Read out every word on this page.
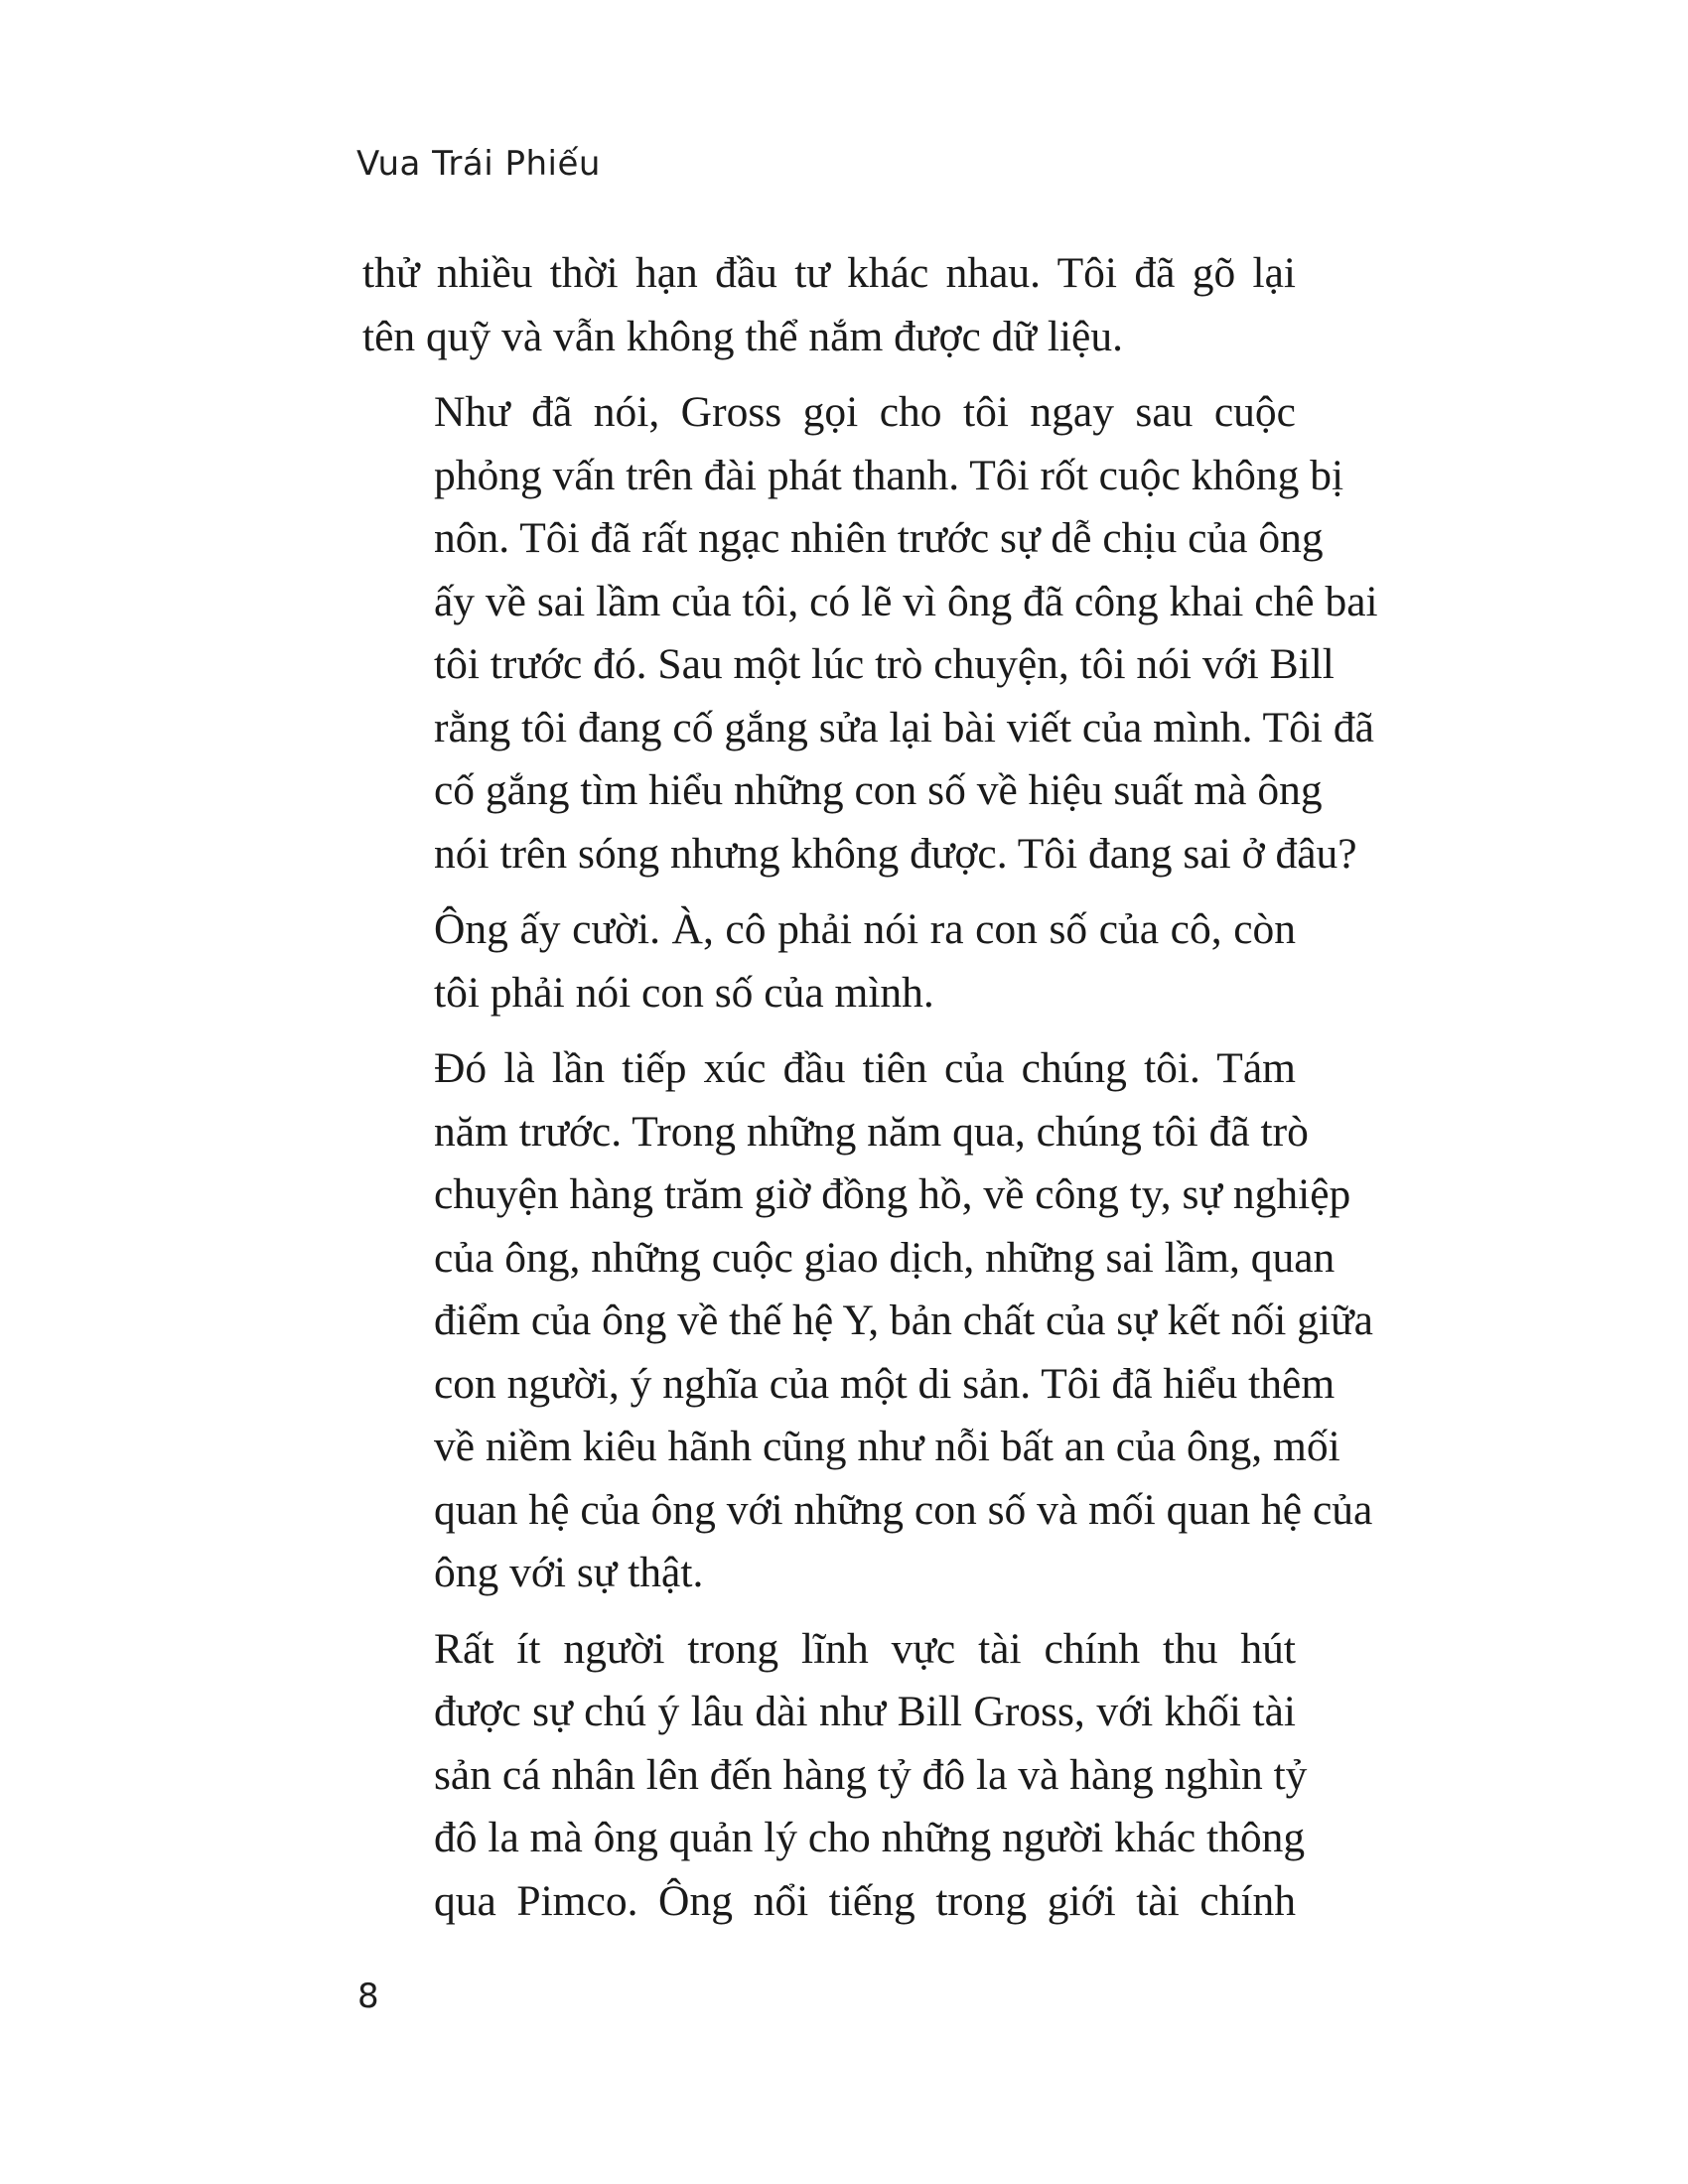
Vua Trái Phiếu

thử nhiều thời hạn đầu tư khác nhau. Tôi đã gõ lại
tên quỹ và vẫn không thể nắm được dữ liệu.

Như đã nói, Gross gọi cho tôi ngay sau cuộc
phỏng vấn trên đài phát thanh. Tôi rốt cuộc không bị
nôn. Tôi đã rất ngạc nhiên trước sự dễ chịu của ông
ấy về sai lầm của tôi, có lẽ vì ông đã công khai chê bai
tôi trước đó. Sau một lúc trò chuyện, tôi nói với Bill
rằng tôi đang cố gắng sửa lại bài viết của mình. Tôi đã
cố gắng tìm hiểu những con số về hiệu suất mà ông
nói trên sóng nhưng không được. Tôi đang sai ở đâu?

Ông ấy cười. À, cô phải nói ra con số của cô, còn
tôi phải nói con số của mình.

Đó là lần tiếp xúc đầu tiên của chúng tôi. Tám
năm trước. Trong những năm qua, chúng tôi đã trò
chuyện hàng trăm giờ đồng hồ, về công ty, sự nghiệp
của ông, những cuộc giao dịch, những sai lầm, quan
điểm của ông về thế hệ Y, bản chất của sự kết nối giữa
con người, ý nghĩa của một di sản. Tôi đã hiểu thêm
về niềm kiêu hãnh cũng như nỗi bất an của ông, mối
quan hệ của ông với những con số và mối quan hệ của
ông với sự thật.

Rất ít người trong lĩnh vực tài chính thu hút
được sự chú ý lâu dài như Bill Gross, với khối tài
sản cá nhân lên đến hàng tỷ đô la và hàng nghìn tỷ
đô la mà ông quản lý cho những người khác thông
qua Pimco. Ông nổi tiếng trong giới tài chính

8
